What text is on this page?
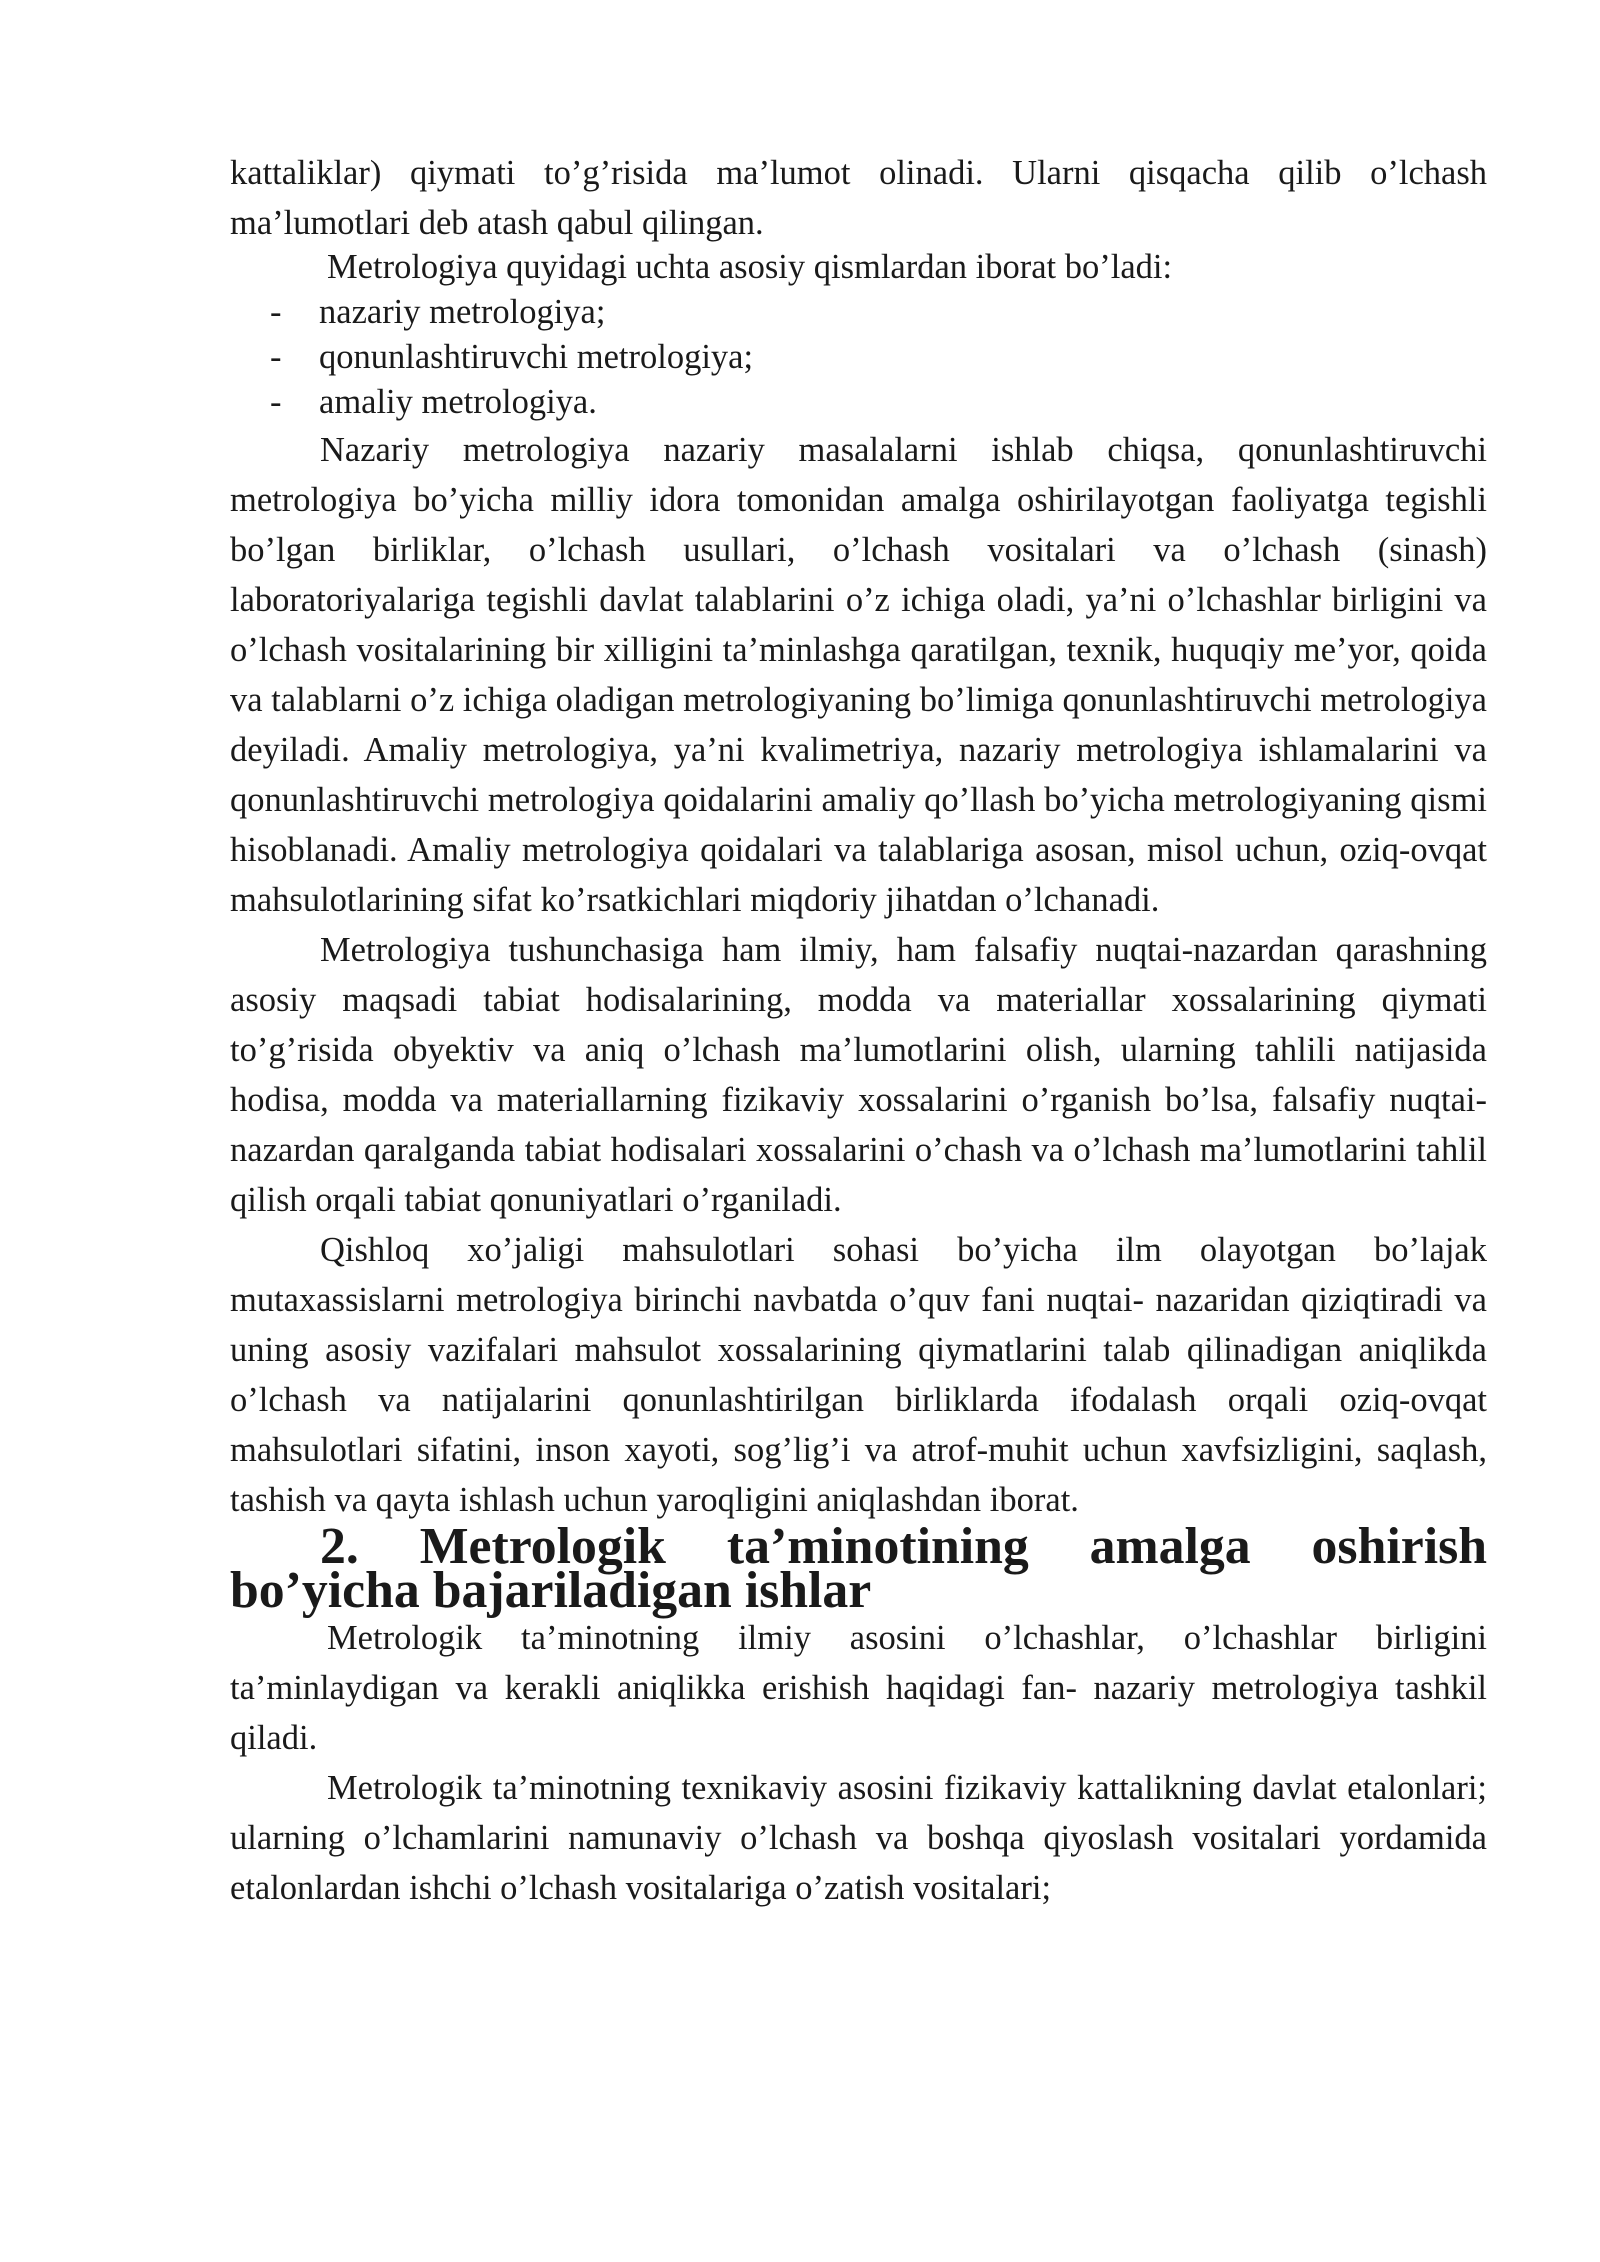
kattaliklar) qiymati to’g’risida ma’lumot olinadi. Ularni qisqacha qilib o’lchash ma’lumotlari deb atash qabul qilingan.

Metrologiya quyidagi uchta asosiy qismlardan iborat bo’ladi:

- nazariy metrologiya;
- qonunlashtiruvchi metrologiya;
- amaliy metrologiya.

Nazariy metrologiya nazariy masalalarni ishlab chiqsa, qonunlashtiruvchi metrologiya bo’yicha milliy idora tomonidan amalga oshirilayotgan faoliyatga tegishli bo’lgan birliklar, o’lchash usullari, o’lchash vositalari va o’lchash (sinash) laboratoriyalariga tegishli davlat talablarini o’z ichiga oladi, ya’ni o’lchashlar birligini va o’lchash vositalarining bir xilligini ta’minlashga qaratilgan, texnik, huquqiy me’yor, qoida va talablarni o’z ichiga oladigan metrologiyaning bo’limiga qonunlashtiruvchi metrologiya deyiladi. Amaliy metrologiya, ya’ni kvalimetriya, nazariy metrologiya ishlamalarini va qonunlashtiruvchi metrologiya qoidalarini amaliy qo’llash bo’yicha metrologiyaning qismi hisoblanadi. Amaliy metrologiya qoidalari va talablariga asosan, misol uchun, oziq-ovqat mahsulotlarining sifat ko’rsatkichlari miqdoriy jihatdan o’lchanadi.

Metrologiya tushunchasiga ham ilmiy, ham falsafiy nuqtai-nazardan qarashning asosiy maqsadi tabiat hodisalarining, modda va materiallar xossalarining qiymati to’g’risida obyektiv va aniq o’lchash ma’lumotlarini olish, ularning tahlili natijasida hodisa, modda va materiallarning fizikaviy xossalarini o’rganish bo’lsa, falsafiy nuqtai-nazardan qaralganda tabiat hodisalari xossalarini o’chash va o’lchash ma’lumotlarini tahlil qilish orqali tabiat qonuniyatlari o’rganiladi.

Qishloq xo’jaligi mahsulotlari sohasi bo’yicha ilm olayotgan bo’lajak mutaxassislarni metrologiya birinchi navbatda o’quv fani nuqtai- nazaridan qiziqtiradi va uning asosiy vazifalari mahsulot xossalarining qiymatlarini talab qilinadigan aniqlikda o’lchash va natijalarini qonunlashtirilgan birliklarda ifodalash orqali oziq-ovqat mahsulotlari sifatini, inson xayoti, sog’lig’i va atrof-muhit uchun xavfsizligini, saqlash, tashish va qayta ishlash uchun yaroqligini aniqlashdan iborat.

2. Metrologik ta’minotining amalga oshirish bo’yicha bajariladigan ishlar

Metrologik ta’minotning ilmiy asosini o’lchashlar, o’lchashlar birligini ta’minlaydigan va kerakli aniqlikka erishish haqidagi fan- nazariy metrologiya tashkil qiladi.

Metrologik ta’minotning texnikaviy asosini fizikaviy kattalikning davlat etalonlari; ularning o’lchamlarini namunaviy o’lchash va boshqa qiyoslash vositalari yordamida etalonlardan ishchi o’lchash vositalariga o’zatish vositalari;
